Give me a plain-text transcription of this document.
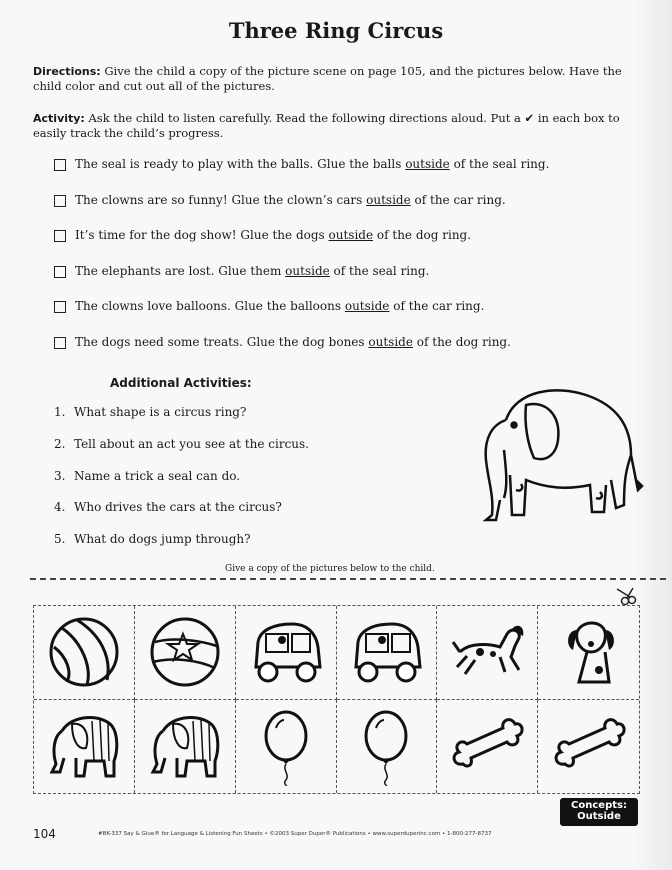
Three Ring Circus
Directions: Give the child a copy of the picture scene on page 105, and the pictures below. Have the child color and cut out all of the pictures.
Activity: Ask the child to listen carefully. Read the following directions aloud. Put a ✔ in each box to easily track the child’s progress.
The seal is ready to play with the balls. Glue the balls outside of the seal ring.
The clowns are so funny! Glue the clown’s cars outside of the car ring.
It’s time for the dog show! Glue the dogs outside of the dog ring.
The elephants are lost. Glue them outside of the seal ring.
The clowns love balloons. Glue the balloons outside of the car ring.
The dogs need some treats. Glue the dog bones outside of the dog ring.
Additional Activities:
1. What shape is a circus ring?
2. Tell about an act you see at the circus.
3. Name a trick a seal can do.
4. Who drives the cars at the circus?
5. What do dogs jump through?
Give a copy of the pictures below to the child.
104	#BK-337 Say & Glue® for Language & Listening Fun Sheets • ©2003 Super Duper® Publications • www.superduperinc.com • 1-800-277-8737
Concepts:
Outside
